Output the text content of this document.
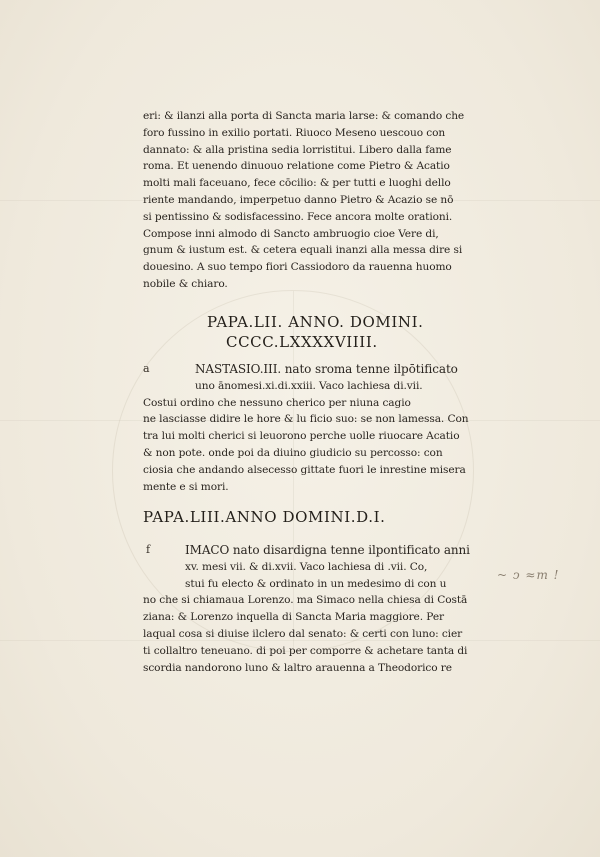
eri: & ilanzi alla porta di Sancta maria larse: & comando che
foro fussino in exilio portati. Riuoco Meseno uescouo con
dannato: & alla pristina sedia lorristitui. Libero dalla fame
roma. Et uenendo dinuouo relatione come Pietro & Acatio
molti mali faceuano, fece cōcilio: & per tutti e luoghi dello
riente mandando, imperpetuo danno Pietro & Acazio se nō
si pentissino & sodisfacessino. Fece ancora molte orationi.
Compose inni almodo di Sancto ambruogio cioe Vere di,
gnum & iustum est. & cetera equali inanzi alla messa dire si
douesino. A suo tempo fiori Cassiodoro da rauenna huomo
nobile & chiaro.
PAPA.LII. ANNO. DOMINI.
CCCC.LXXXXVIIII.
a	NASTASIO.III. nato sroma tenne ilpōtificato
uno ānomesi.xi.di.xxiii. Vaco lachiesa di.vii.
Costui ordino che nessuno cherico per niuna cagio
ne lasciasse didire le hore & lu ficio suo: se non lamessa. Con
tra lui molti cherici si leuorono perche uolle riuocare Acatio
& non pote. onde poi da diuino giudicio su percosso: con
ciosia che andando alsecesso gittate fuori le inrestine misera
mente e si mori.
PAPA.LIII.ANNO DOMINI.D.I.
f	IMACO nato disardigna tenne ilpontificato anni
xv. mesi vii. & di.xvii. Vaco lachiesa di .vii. Co,
stui fu electo & ordinato in un medesimo di con u
no che si chiamaua Lorenzo. ma Simaco nella chiesa di Costā
ziana: & Lorenzo inquella di Sancta Maria maggiore. Per
laqual cosa si diuise ilclero dal senato: & certi con luno: cier
ti collaltro teneuano. di poi per comporre & achetare tanta di
scordia nandorono luno & laltro arauenna a Theodorico re
~ ↄ ≈ⅿ !
